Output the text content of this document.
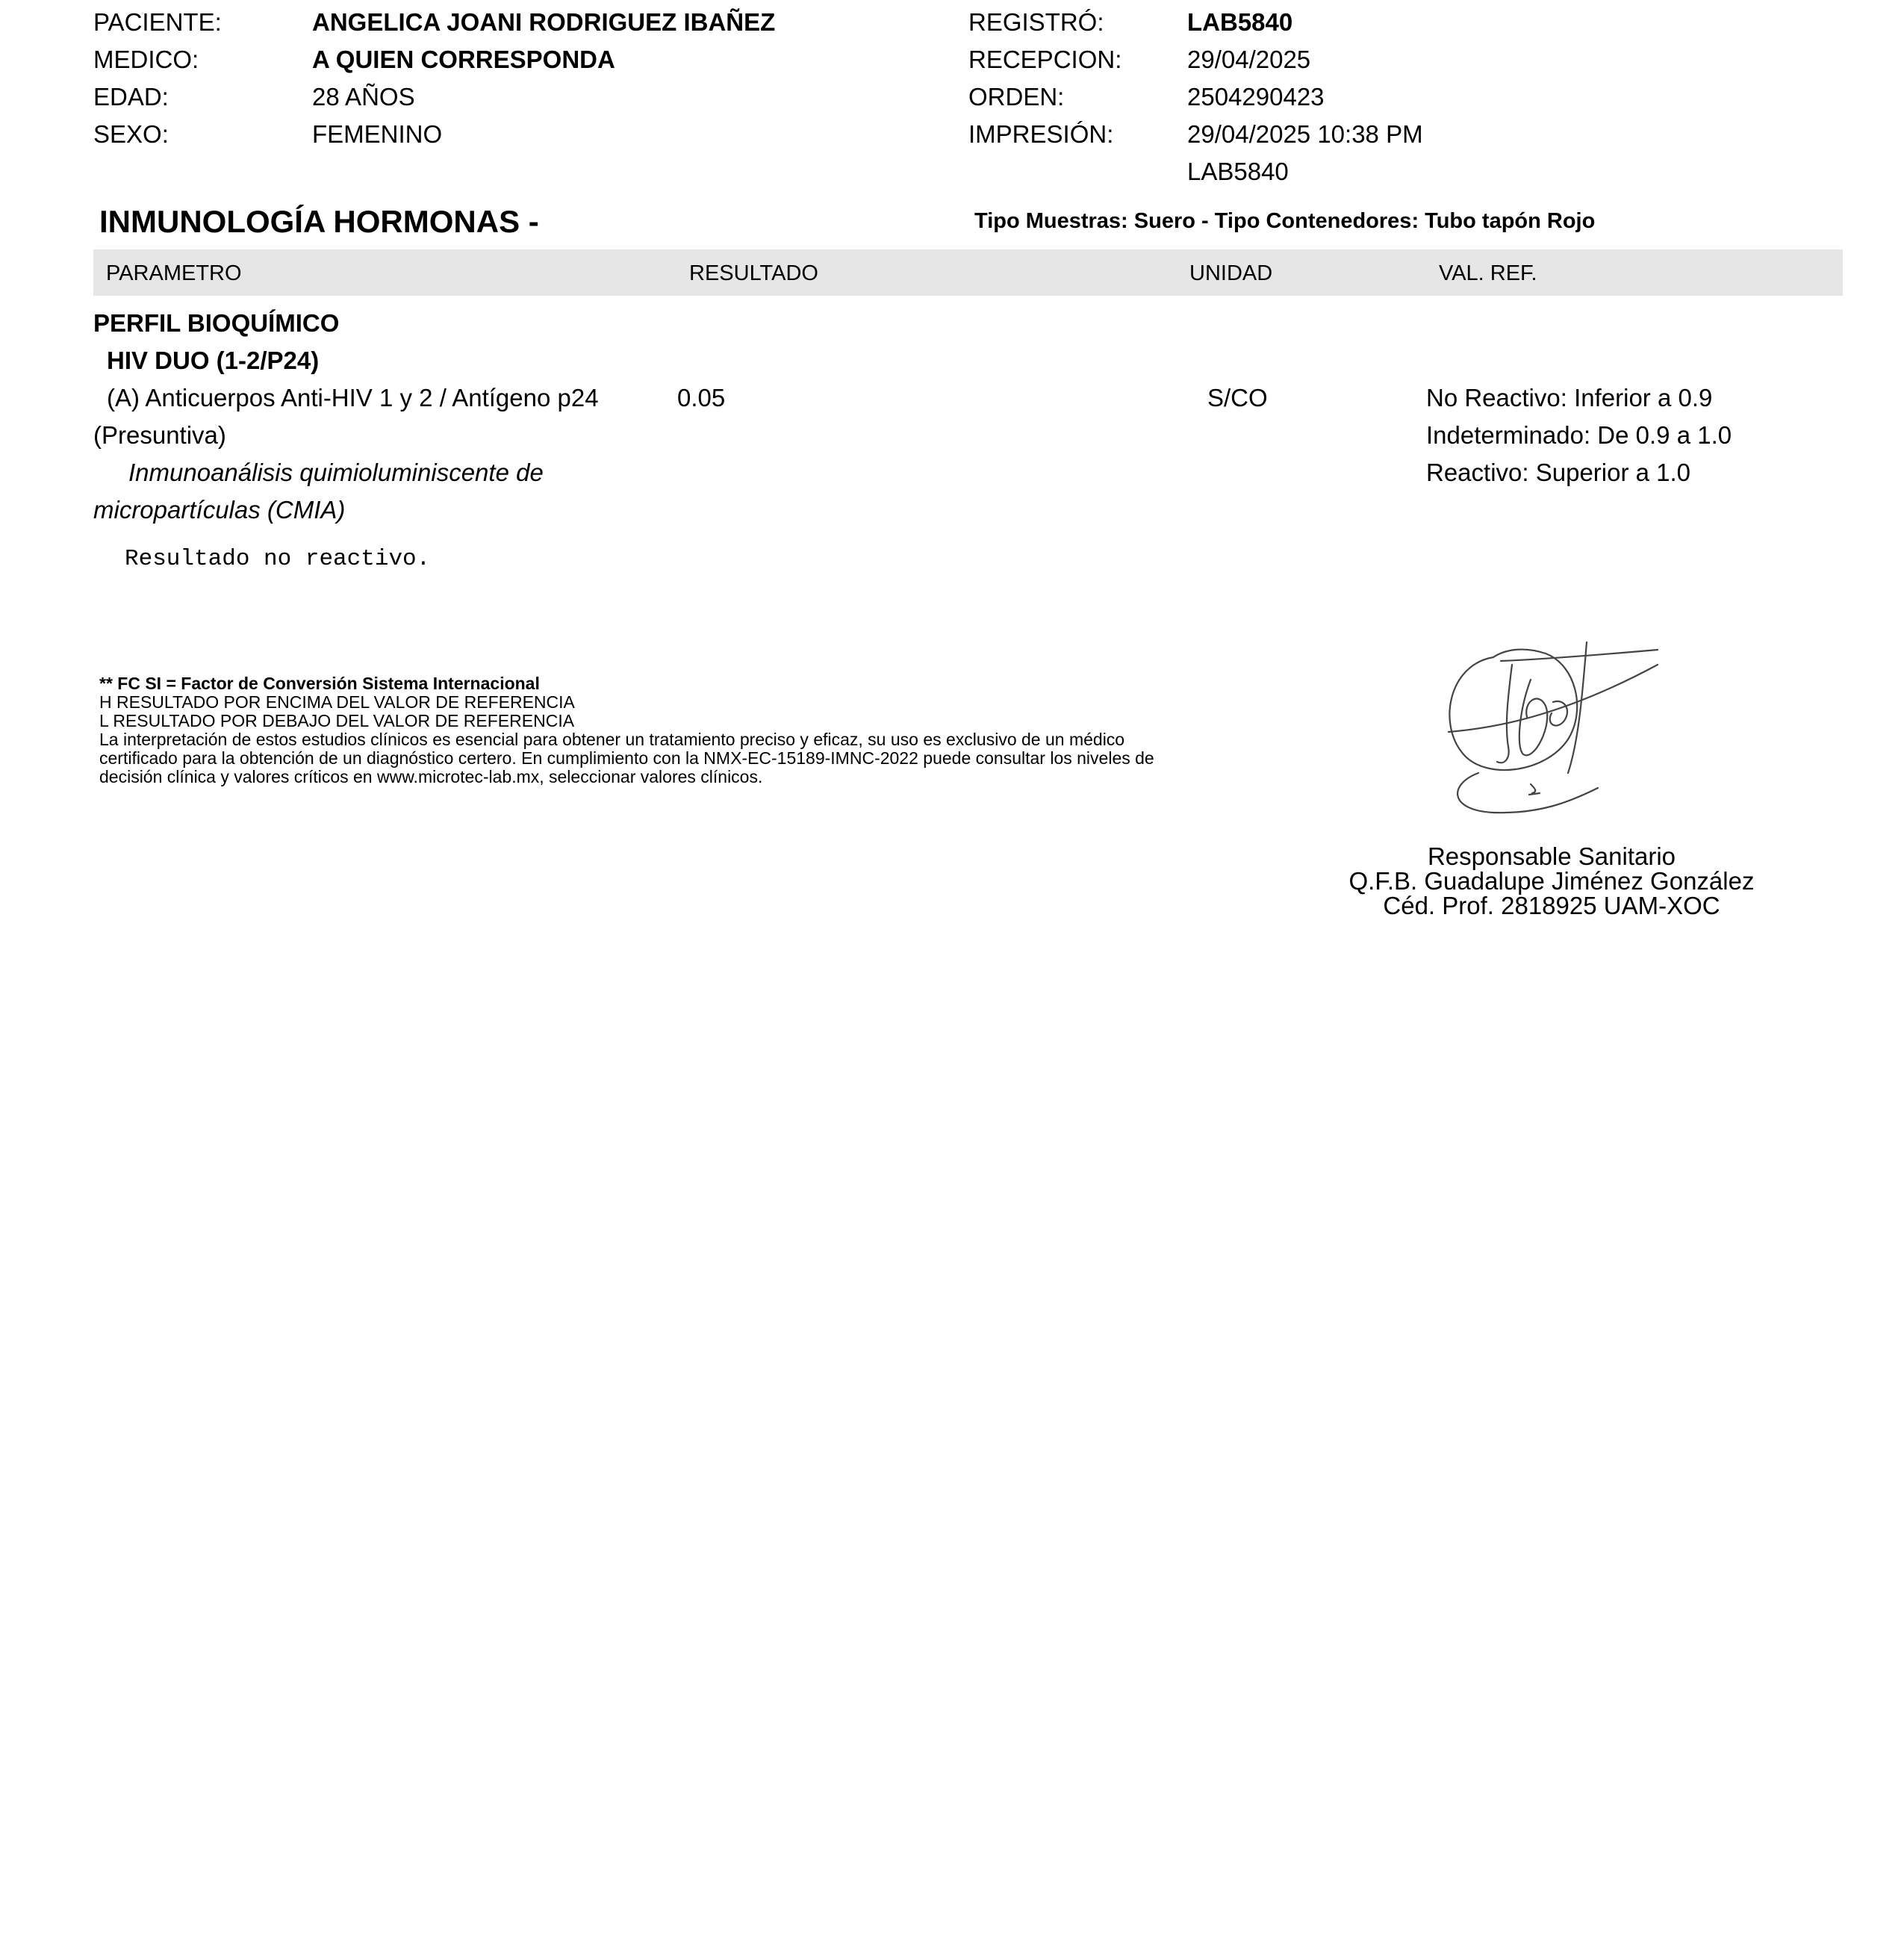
PACIENTE:	ANGELICA JOANI RODRIGUEZ IBAÑEZ
MEDICO:	A QUIEN CORRESPONDA
EDAD:	28 AÑOS
SEXO:	FEMENINO
REGISTRÓ:	LAB5840
RECEPCION:	29/04/2025
ORDEN:	2504290423
IMPRESIÓN:	29/04/2025 10:38 PM
LAB5840
INMUNOLOGÍA HORMONAS -	Tipo Muestras: Suero - Tipo Contenedores: Tubo tapón Rojo
PARAMETRO	RESULTADO	UNIDAD	VAL. REF.
PERFIL BIOQUÍMICO
HIV DUO (1-2/P24)
(A) Anticuerpos Anti-HIV 1 y 2 / Antígeno p24
(Presuntiva)
Inmunoanálisis quimioluminiscente de
micropartículas (CMIA)
0.05	S/CO	No Reactivo: Inferior a 0.9
Indeterminado: De 0.9 a 1.0
Reactivo: Superior a 1.0
Resultado no reactivo.
** FC SI = Factor de Conversión Sistema Internacional
H RESULTADO POR ENCIMA DEL VALOR DE REFERENCIA
L RESULTADO POR DEBAJO DEL VALOR DE REFERENCIA
La interpretación de estos estudios clínicos es esencial para obtener un tratamiento preciso y eficaz, su uso es exclusivo de un médico
certificado para la obtención de un diagnóstico certero. En cumplimiento con la NMX-EC-15189-IMNC-2022 puede consultar los niveles de
decisión clínica y valores críticos en www.microtec-lab.mx, seleccionar valores clínicos.
Responsable Sanitario
Q.F.B. Guadalupe Jiménez González
Céd. Prof. 2818925 UAM-XOC
